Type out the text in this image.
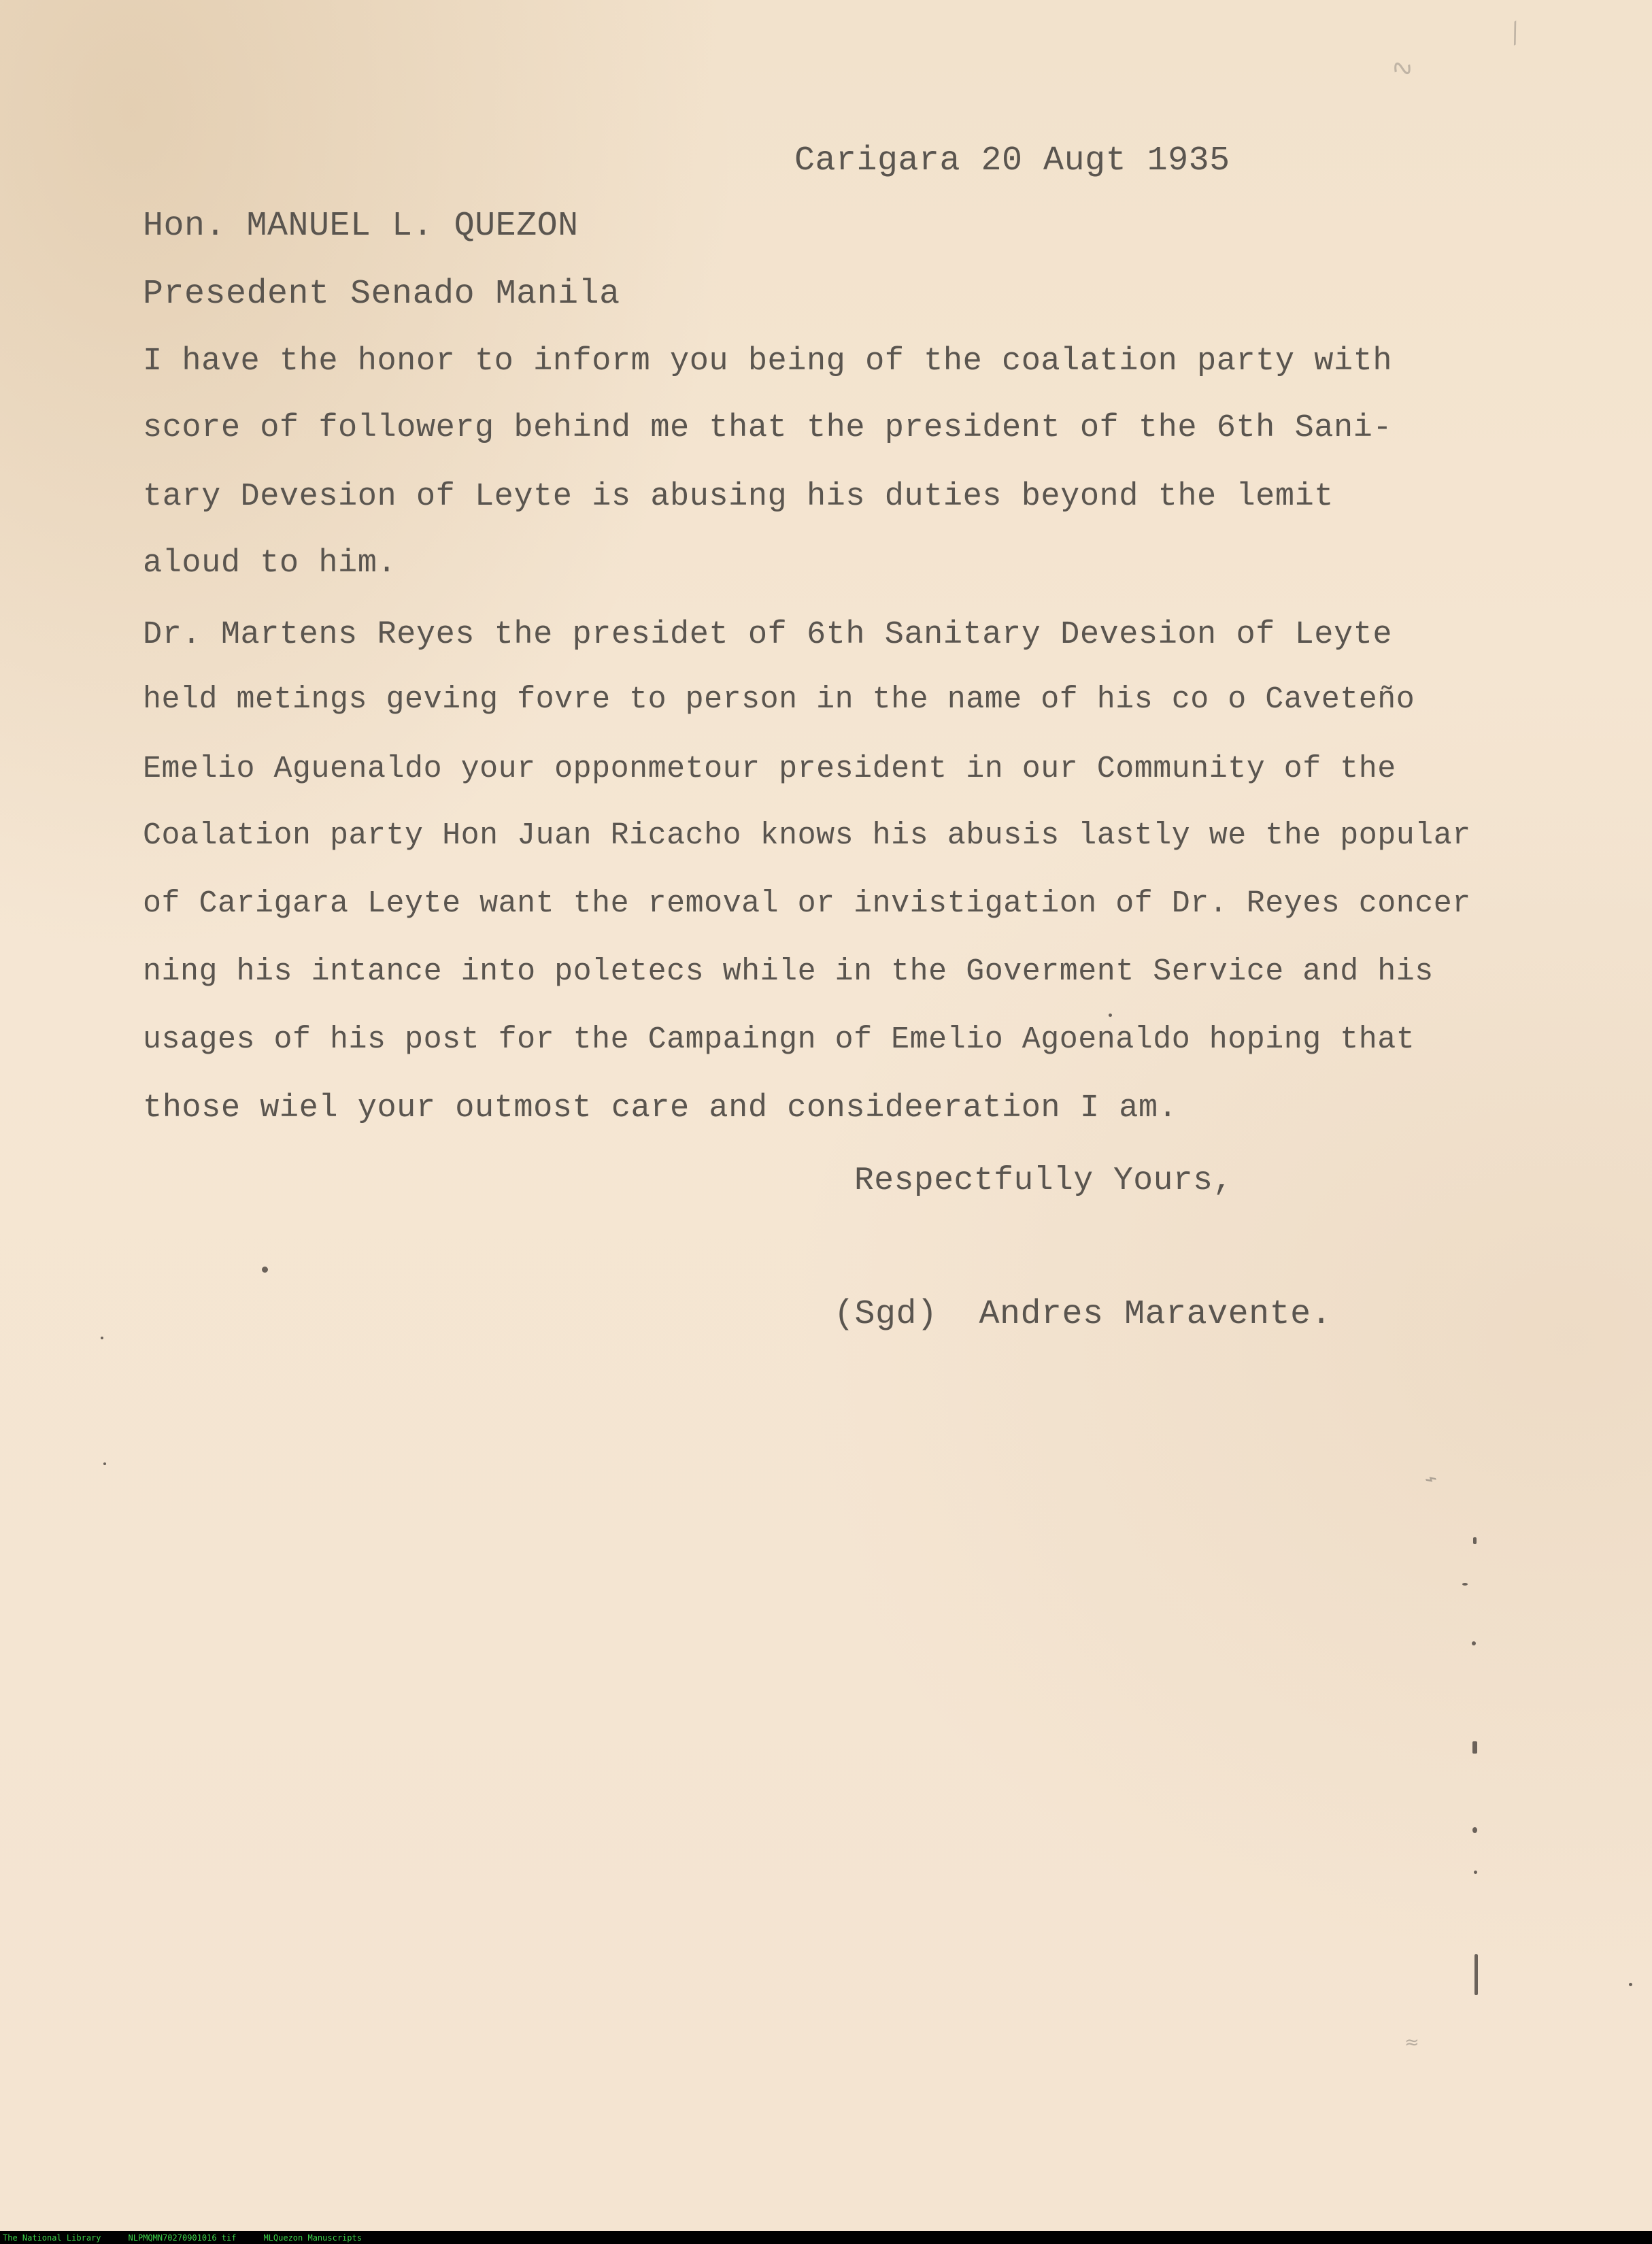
Carigara 20 Augt 1935

Hon. MANUEL L. QUEZON

Presedent Senado Manila

I have the honor to inform you being of the coalation party with

score of followerg behind me that the president of the 6th Sani-

tary Devesion of Leyte is abusing his duties beyond the lemit

aloud to him.

Dr. Martens Reyes the presidet of 6th Sanitary Devesion of Leyte

held metings geving fovre to person in the name of his co o Caveteño

Emelio Aguenaldo your opponmetour president in our Community of the

Coalation party Hon Juan Ricacho knows his abusis lastly we the popular

of Carigara Leyte want the removal or invistigation of Dr. Reyes concer

ning his intance into poletecs while in the Goverment Service and his

usages of his post for the Campaingn of Emelio Agoenaldo hoping that

those wiel your outmost care and consideeration I am.

Respectfully Yours,

(Sgd)  Andres Maravente.

∿
⁄
⌁
≈
The National Library	NLPMQMN70270901016 tif	MLQuezon Manuscripts
